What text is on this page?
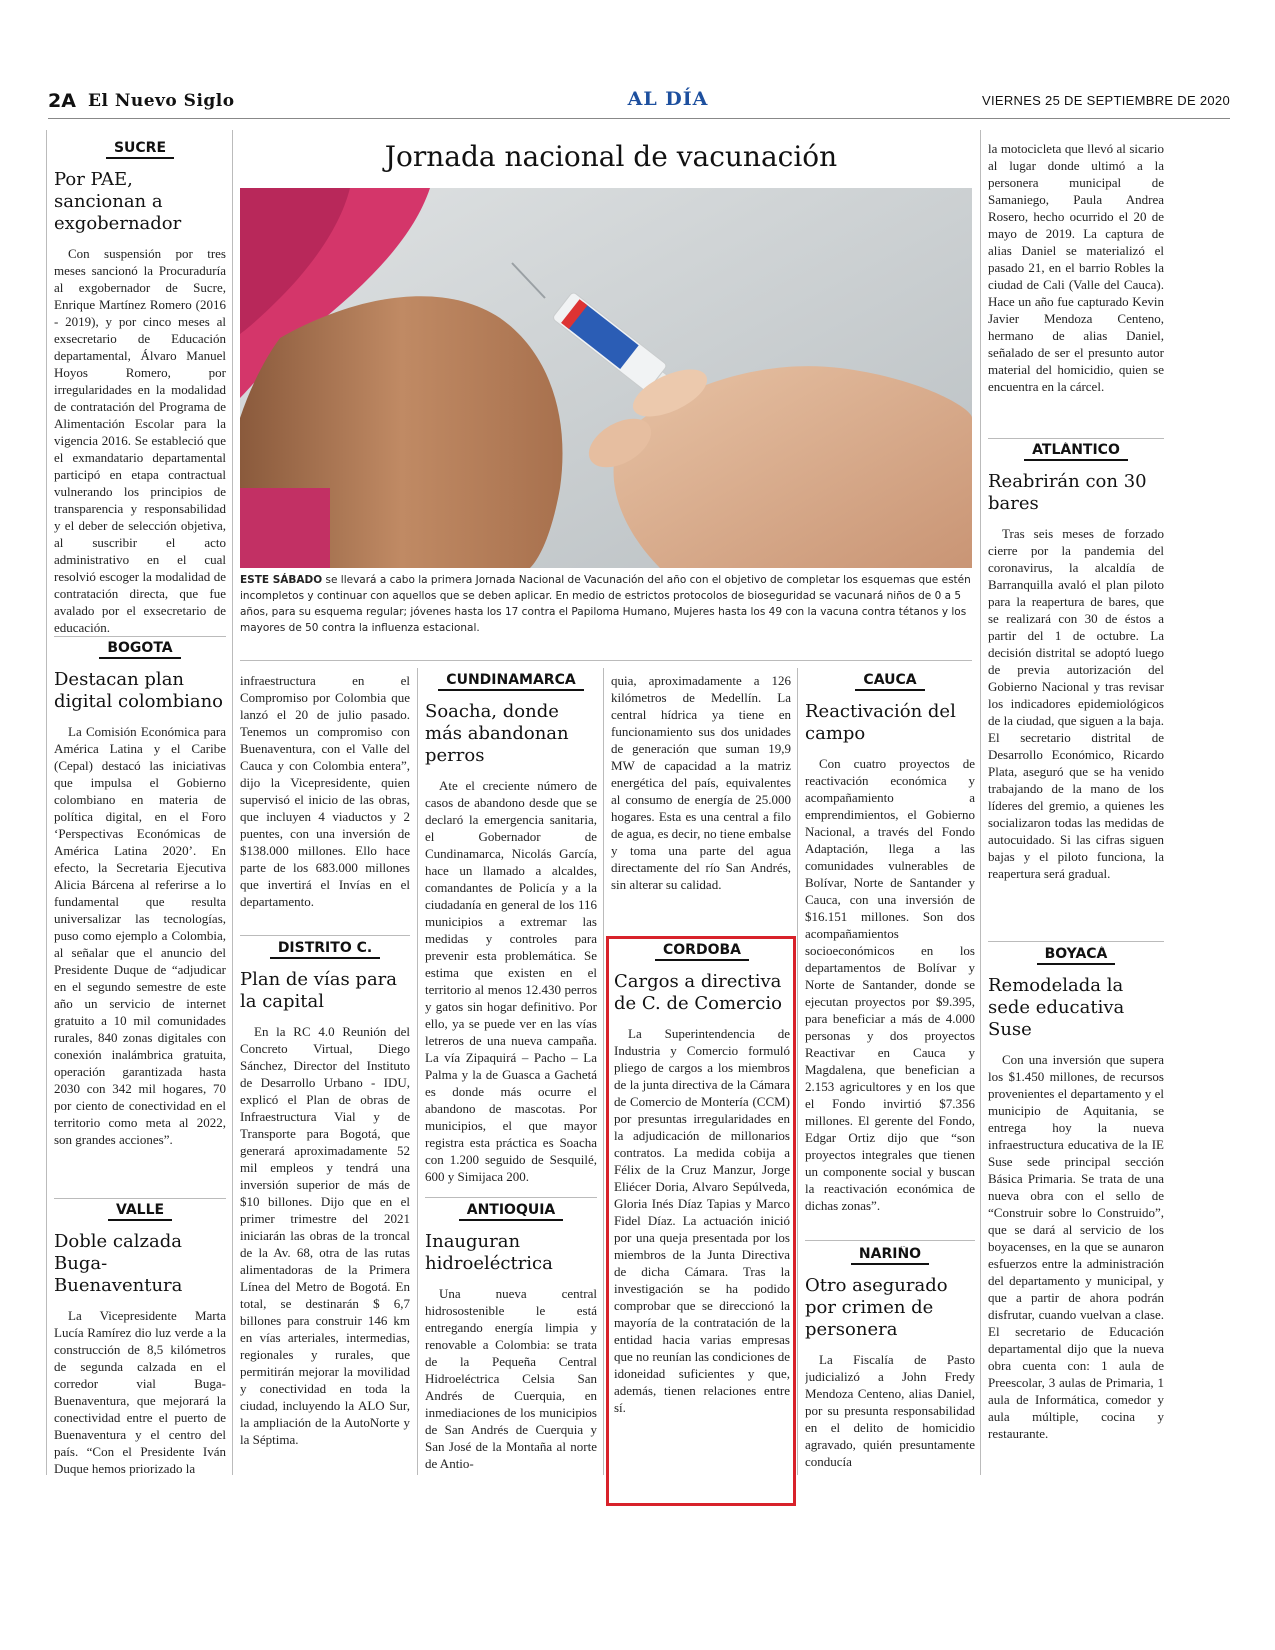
2A El Nuevo Siglo	AL DÍA	VIERNES 25 DE SEPTIEMBRE DE 2020
Jornada nacional de vacunación
ESTE SÁBADO se llevará a cabo la primera Jornada Nacional de Vacunación del año con el objetivo de completar los esquemas que estén incompletos y continuar con aquellos que se deben aplicar. En medio de estrictos protocolos de bioseguridad se vacunará niños de 0 a 5 años, para su esquema regular; jóvenes hasta los 17 contra el Papiloma Humano, Mujeres hasta los 49 con la vacuna contra tétanos y los mayores de 50 contra la influenza estacional.
SUCRE
Por PAE, sancionan a exgobernador

Con suspensión por tres meses sancionó la Procuraduría al exgobernador de Sucre, Enrique Martínez Romero (2016 - 2019), y por cinco meses al exsecretario de Educación departamental, Álvaro Manuel Hoyos Romero, por irregularidades en la modalidad de contratación del Programa de Alimentación Escolar para la vigencia 2016. Se estableció que el exmandatario departamental participó en etapa contractual vulnerando los principios de transparencia y responsabilidad y el deber de selección objetiva, al suscribir el acto administrativo en el cual resolvió escoger la modalidad de contratación directa, que fue avalado por el exsecretario de educación.

BOGOTA
Destacan plan digital colombiano

La Comisión Económica para América Latina y el Caribe (Cepal) destacó las iniciativas que impulsa el Gobierno colombiano en materia de política digital, en el Foro ‘Perspectivas Económicas de América Latina 2020’. En efecto, la Secretaria Ejecutiva Alicia Bárcena al referirse a lo fundamental que resulta universalizar las tecnologías, puso como ejemplo a Colombia, al señalar que el anuncio del Presidente Duque de “adjudicar en el segundo semestre de este año un servicio de internet gratuito a 10 mil comunidades rurales, 840 zonas digitales con conexión inalámbrica gratuita, operación garantizada hasta 2030 con 342 mil hogares, 70 por ciento de conectividad en el territorio como meta al 2022, son grandes acciones”.

VALLE
Doble calzada Buga-Buenaventura

La Vicepresidente Marta Lucía Ramírez dio luz verde a la construcción de 8,5 kilómetros de segunda calzada en el corredor vial Buga-Buenaventura, que mejorará la conectividad entre el puerto de Buenaventura y el centro del país. “Con el Presidente Iván Duque hemos priorizado la

infraestructura en el Compromiso por Colombia que lanzó el 20 de julio pasado. Tenemos un compromiso con Buenaventura, con el Valle del Cauca y con Colombia entera”, dijo la Vicepresidente, quien supervisó el inicio de las obras, que incluyen 4 viaductos y 2 puentes, con una inversión de $138.000 millones. Ello hace parte de los 683.000 millones que invertirá el Invías en el departamento.

DISTRITO C.
Plan de vías para la capital

En la RC 4.0 Reunión del Concreto Virtual, Diego Sánchez, Director del Instituto de Desarrollo Urbano - IDU, explicó el Plan de obras de Infraestructura Vial y de Transporte para Bogotá, que generará aproximadamente 52 mil empleos y tendrá una inversión superior de más de $10 billones. Dijo que en el primer trimestre del 2021 iniciarán las obras de la troncal de la Av. 68, otra de las rutas alimentadoras de la Primera Línea del Metro de Bogotá. En total, se destinarán $ 6,7 billones para construir 146 km en vías arteriales, intermedias, regionales y rurales, que permitirán mejorar la movilidad y conectividad en toda la ciudad, incluyendo la ALO Sur, la ampliación de la AutoNorte y la Séptima.

CUNDINAMARCA
Soacha, donde más abandonan perros

Ate el creciente número de casos de abandono desde que se declaró la emergencia sanitaria, el Gobernador de Cundinamarca, Nicolás García, hace un llamado a alcaldes, comandantes de Policía y a la ciudadanía en general de los 116 municipios a extremar las medidas y controles para prevenir esta problemática. Se estima que existen en el territorio al menos 12.430 perros y gatos sin hogar definitivo. Por ello, ya se puede ver en las vías letreros de una nueva campaña. La vía Zipaquirá – Pacho – La Palma y la de Guasca a Gachetá es donde más ocurre el abandono de mascotas. Por municipios, el que mayor registra esta práctica es Soacha con 1.200 seguido de Sesquilé, 600 y Simijaca 200.

ANTIOQUIA
Inauguran hidroeléctrica

Una nueva central hidrosostenible le está entregando energía limpia y renovable a Colombia: se trata de la Pequeña Central Hidroeléctrica Celsia San Andrés de Cuerquia, en inmediaciones de los municipios de San Andrés de Cuerquia y San José de la Montaña al norte de Antio-

quia, aproximadamente a 126 kilómetros de Medellín. La central hídrica ya tiene en funcionamiento sus dos unidades de generación que suman 19,9 MW de capacidad a la matriz energética del país, equivalentes al consumo de energía de 25.000 hogares. Esta es una central a filo de agua, es decir, no tiene embalse y toma una parte del agua directamente del río San Andrés, sin alterar su calidad.

CORDOBA
Cargos a directiva de C. de Comercio

La Superintendencia de Industria y Comercio formuló pliego de cargos a los miembros de la junta directiva de la Cámara de Comercio de Montería (CCM) por presuntas irregularidades en la adjudicación de millonarios contratos. La medida cobija a Félix de la Cruz Manzur, Jorge Eliécer Doria, Alvaro Sepúlveda, Gloria Inés Díaz Tapias y Marco Fidel Díaz. La actuación inició por una queja presentada por los miembros de la Junta Directiva de dicha Cámara. Tras la investigación se ha podido comprobar que se direccionó la mayoría de la contratación de la entidad hacia varias empresas que no reunían las condiciones de idoneidad suficientes y que, además, tienen relaciones entre sí.

CAUCA
Reactivación del campo

Con cuatro proyectos de reactivación económica y acompañamiento a emprendimientos, el Gobierno Nacional, a través del Fondo Adaptación, llega a las comunidades vulnerables de Bolívar, Norte de Santander y Cauca, con una inversión de $16.151 millones. Son dos acompañamientos socioeconómicos en los departamentos de Bolívar y Norte de Santander, donde se ejecutan proyectos por $9.395, para beneficiar a más de 4.000 personas y dos proyectos Reactivar en Cauca y Magdalena, que benefician a 2.153 agricultores y en los que el Fondo invirtió $7.356 millones. El gerente del Fondo, Edgar Ortiz dijo que “son proyectos integrales que tienen un componente social y buscan la reactivación económica de dichas zonas”.

NARIÑO
Otro asegurado por crimen de personera

La Fiscalía de Pasto judicializó a John Fredy Mendoza Centeno, alias Daniel, por su presunta responsabilidad en el delito de homicidio agravado, quién presuntamente conducía

la motocicleta que llevó al sicario al lugar donde ultimó a la personera municipal de Samaniego, Paula Andrea Rosero, hecho ocurrido el 20 de mayo de 2019. La captura de alias Daniel se materializó el pasado 21, en el barrio Robles la ciudad de Cali (Valle del Cauca). Hace un año fue capturado Kevin Javier Mendoza Centeno, hermano de alias Daniel, señalado de ser el presunto autor material del homicidio, quien se encuentra en la cárcel.

ATLÁNTICO
Reabrirán con 30 bares

Tras seis meses de forzado cierre por la pandemia del coronavirus, la alcaldía de Barranquilla avaló el plan piloto para la reapertura de bares, que se realizará con 30 de éstos a partir del 1 de octubre. La decisión distrital se adoptó luego de previa autorización del Gobierno Nacional y tras revisar los indicadores epidemiológicos de la ciudad, que siguen a la baja. El secretario distrital de Desarrollo Económico, Ricardo Plata, aseguró que se ha venido trabajando de la mano de los líderes del gremio, a quienes les socializaron todas las medidas de autocuidado. Si las cifras siguen bajas y el piloto funciona, la reapertura será gradual.

BOYACÁ
Remodelada la sede educativa Suse

Con una inversión que supera los $1.450 millones, de recursos provenientes el departamento y el municipio de Aquitania, se entrega hoy la nueva infraestructura educativa de la IE Suse sede principal sección Básica Primaria. Se trata de una nueva obra con el sello de “Construir sobre lo Construido”, que se dará al servicio de los boyacenses, en la que se aunaron esfuerzos entre la administración del departamento y municipal, y que a partir de ahora podrán disfrutar, cuando vuelvan a clase. El secretario de Educación departamental dijo que la nueva obra cuenta con: 1 aula de Preescolar, 3 aulas de Primaria, 1 aula de Informática, comedor y aula múltiple, cocina y restaurante.
